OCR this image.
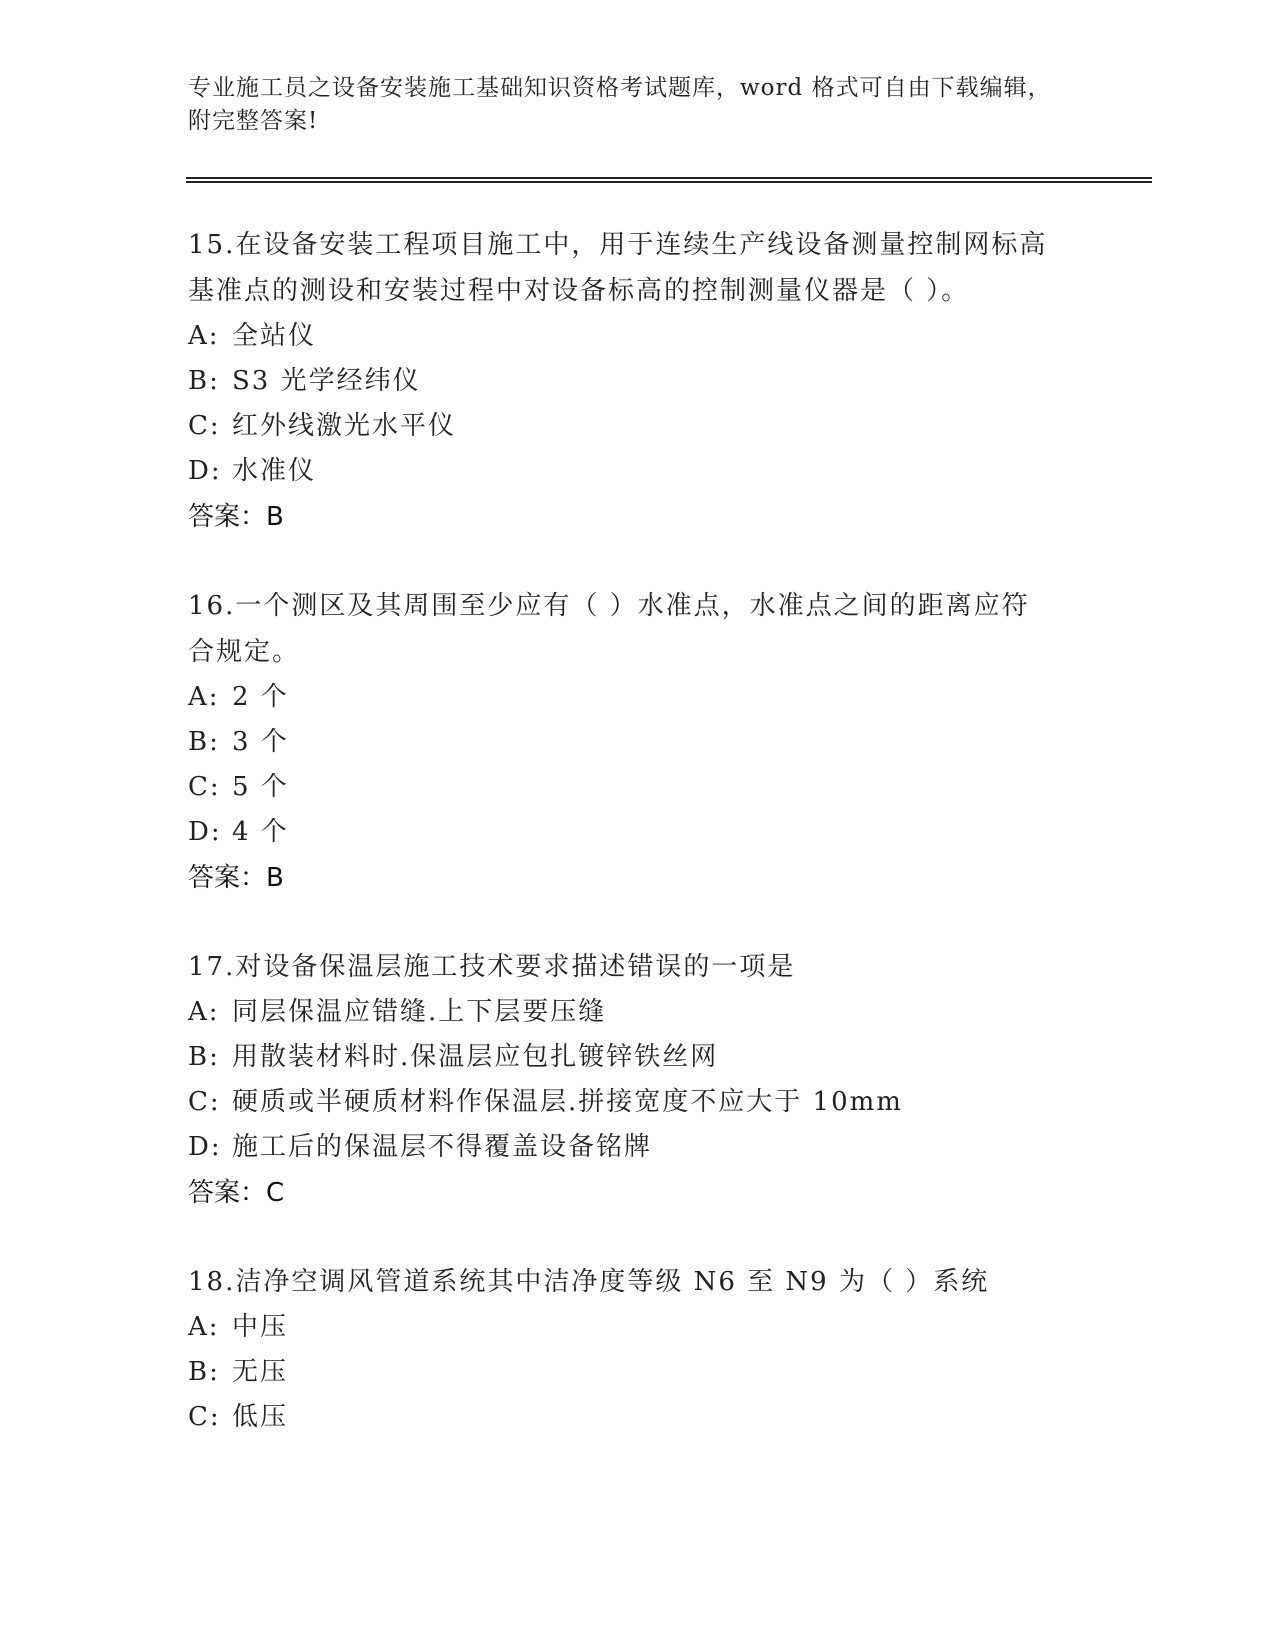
专业施工员之设备安装施工基础知识资格考试题库，word 格式可自由下载编辑，
附完整答案!

15.在设备安装工程项目施工中，用于连续生产线设备测量控制网标高

基准点的测设和安装过程中对设备标高的控制测量仪器是（ ）。

A: 全站仪

B: S3 光学经纬仪

C: 红外线激光水平仪

D: 水准仪

答案：B

16.一个测区及其周围至少应有（ ）水准点，水准点之间的距离应符

合规定。

A: 2 个

B: 3 个

C: 5 个

D: 4 个

答案：B

17.对设备保温层施工技术要求描述错误的一项是

A: 同层保温应错缝.上下层要压缝

B: 用散装材料时.保温层应包扎镀锌铁丝网

C: 硬质或半硬质材料作保温层.拼接宽度不应大于 10mm

D: 施工后的保温层不得覆盖设备铭牌

答案：C

18.洁净空调风管道系统其中洁净度等级 N6 至 N9 为（ ）系统

A: 中压

B: 无压

C: 低压
